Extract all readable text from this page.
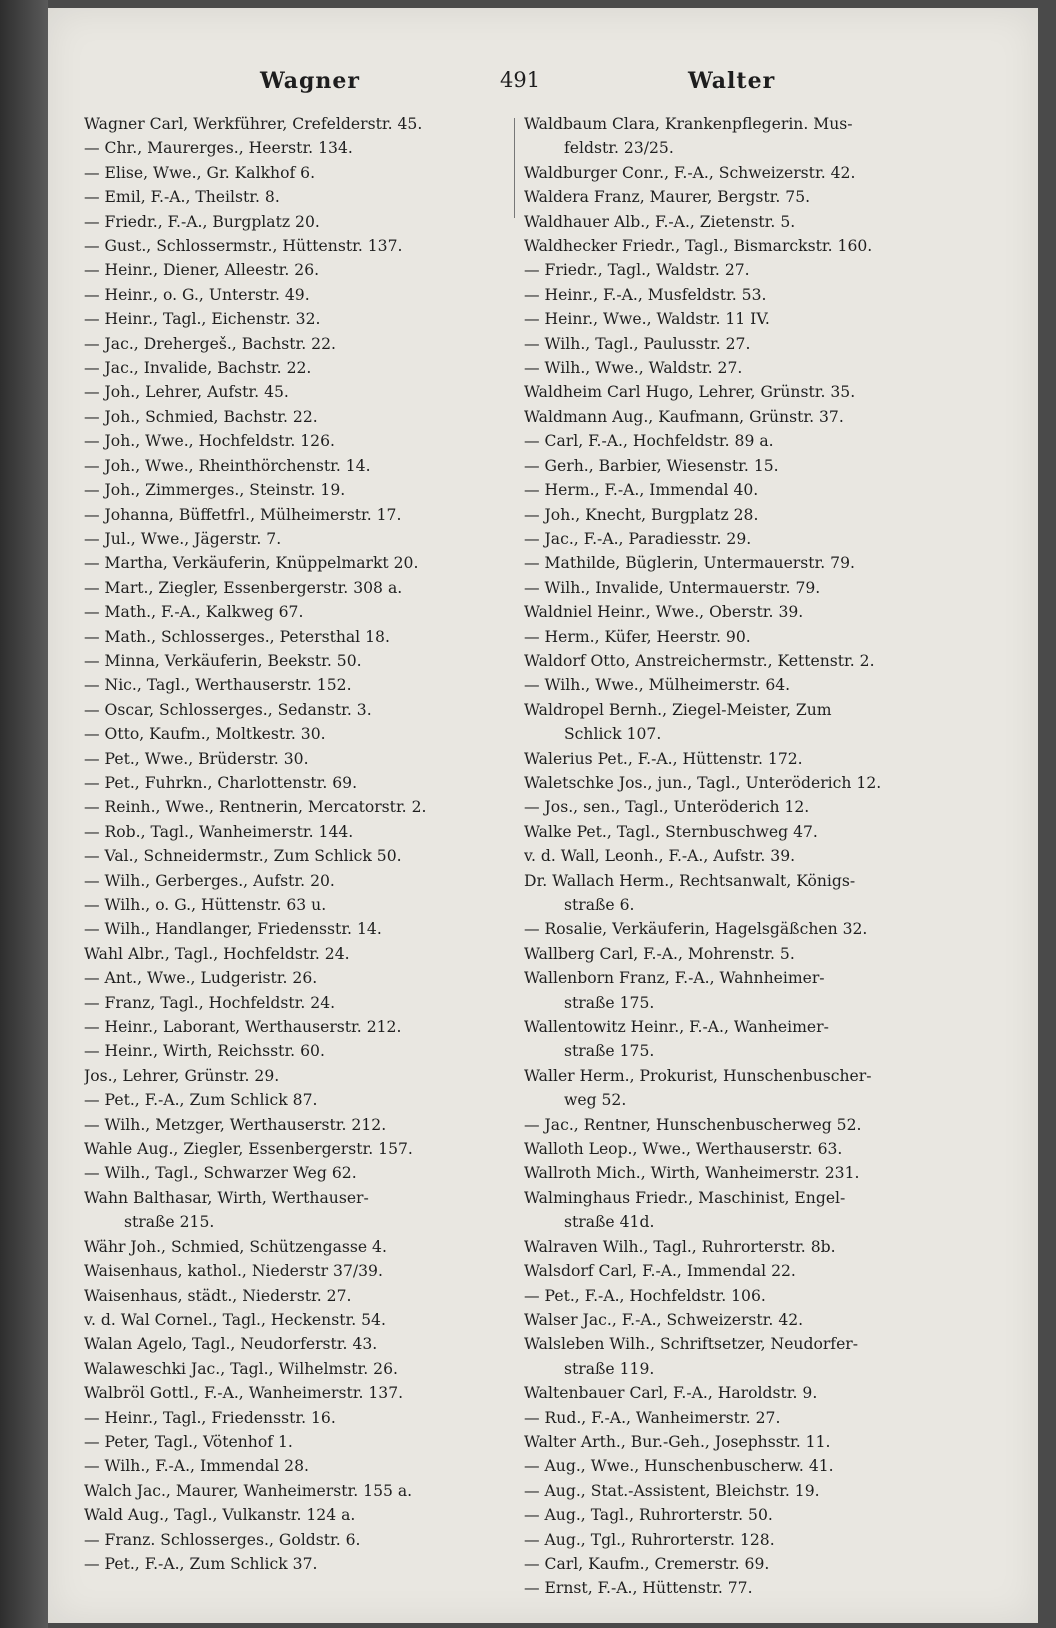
Wagner	491	Walter
Wagner Carl, Werkführer, Crefelderstr. 45.
— Chr., Maurerges., Heerstr. 134.
— Elise, Wwe., Gr. Kalkhof 6.
— Emil, F.-A., Theilstr. 8.
— Friedr., F.-A., Burgplatz 20.
— Gust., Schlossermstr., Hüttenstr. 137.
— Heinr., Diener, Alleestr. 26.
— Heinr., o. G., Unterstr. 49.
— Heinr., Tagl., Eichenstr. 32.
— Jac., Drehergeš., Bachstr. 22.
— Jac., Invalide, Bachstr. 22.
— Joh., Lehrer, Aufstr. 45.
— Joh., Schmied, Bachstr. 22.
— Joh., Wwe., Hochfeldstr. 126.
— Joh., Wwe., Rheinthörchenstr. 14.
— Joh., Zimmerges., Steinstr. 19.
— Johanna, Büffetfrl., Mülheimerstr. 17.
— Jul., Wwe., Jägerstr. 7.
— Martha, Verkäuferin, Knüppelmarkt 20.
— Mart., Ziegler, Essenbergerstr. 308 a.
— Math., F.-A., Kalkweg 67.
— Math., Schlosserges., Petersthal 18.
— Minna, Verkäuferin, Beekstr. 50.
— Nic., Tagl., Werthauserstr. 152.
— Oscar, Schlosserges., Sedanstr. 3.
— Otto, Kaufm., Moltkestr. 30.
— Pet., Wwe., Brüderstr. 30.
— Pet., Fuhrkn., Charlottenstr. 69.
— Reinh., Wwe., Rentnerin, Mercatorstr. 2.
— Rob., Tagl., Wanheimerstr. 144.
— Val., Schneidermstr., Zum Schlick 50.
— Wilh., Gerberges., Aufstr. 20.
— Wilh., o. G., Hüttenstr. 63 u.
— Wilh., Handlanger, Friedensstr. 14.
Wahl Albr., Tagl., Hochfeldstr. 24.
— Ant., Wwe., Ludgeristr. 26.
— Franz, Tagl., Hochfeldstr. 24.
— Heinr., Laborant, Werthauserstr. 212.
— Heinr., Wirth, Reichsstr. 60.
Jos., Lehrer, Grünstr. 29.
— Pet., F.-A., Zum Schlick 87.
— Wilh., Metzger, Werthauserstr. 212.
Wahle Aug., Ziegler, Essenbergerstr. 157.
— Wilh., Tagl., Schwarzer Weg 62.
Wahn Balthasar, Wirth, Werthauser-
straße 215.
Währ Joh., Schmied, Schützengasse 4.
Waisenhaus, kathol., Niederstr 37/39.
Waisenhaus, städt., Niederstr. 27.
v. d. Wal Cornel., Tagl., Heckenstr. 54.
Walan Agelo, Tagl., Neudorferstr. 43.
Walaweschki Jac., Tagl., Wilhelmstr. 26.
Walbröl Gottl., F.-A., Wanheimerstr. 137.
— Heinr., Tagl., Friedensstr. 16.
— Peter, Tagl., Vötenhof 1.
— Wilh., F.-A., Immendal 28.
Walch Jac., Maurer, Wanheimerstr. 155 a.
Wald Aug., Tagl., Vulkanstr. 124 a.
— Franz. Schlosserges., Goldstr. 6.
— Pet., F.-A., Zum Schlick 37.
Waldbaum Clara, Krankenpflegerin. Mus-
feldstr. 23/25.
Waldburger Conr., F.-A., Schweizerstr. 42.
Waldera Franz, Maurer, Bergstr. 75.
Waldhauer Alb., F.-A., Zietenstr. 5.
Waldhecker Friedr., Tagl., Bismarckstr. 160.
— Friedr., Tagl., Waldstr. 27.
— Heinr., F.-A., Musfeldstr. 53.
— Heinr., Wwe., Waldstr. 11 IV.
— Wilh., Tagl., Paulusstr. 27.
— Wilh., Wwe., Waldstr. 27.
Waldheim Carl Hugo, Lehrer, Grünstr. 35.
Waldmann Aug., Kaufmann, Grünstr. 37.
— Carl, F.-A., Hochfeldstr. 89 a.
— Gerh., Barbier, Wiesenstr. 15.
— Herm., F.-A., Immendal 40.
— Joh., Knecht, Burgplatz 28.
— Jac., F.-A., Paradiesstr. 29.
— Mathilde, Büglerin, Untermauerstr. 79.
— Wilh., Invalide, Untermauerstr. 79.
Waldniel Heinr., Wwe., Oberstr. 39.
— Herm., Küfer, Heerstr. 90.
Waldorf Otto, Anstreichermstr., Kettenstr. 2.
— Wilh., Wwe., Mülheimerstr. 64.
Waldropel Bernh., Ziegel-Meister, Zum
Schlick 107.
Walerius Pet., F.-A., Hüttenstr. 172.
Waletschke Jos., jun., Tagl., Unteröderich 12.
— Jos., sen., Tagl., Unteröderich 12.
Walke Pet., Tagl., Sternbuschweg 47.
v. d. Wall, Leonh., F.-A., Aufstr. 39.
Dr. Wallach Herm., Rechtsanwalt, Königs-
straße 6.
— Rosalie, Verkäuferin, Hagelsgäßchen 32.
Wallberg Carl, F.-A., Mohrenstr. 5.
Wallenborn Franz, F.-A., Wahnheimer-
straße 175.
Wallentowitz Heinr., F.-A., Wanheimer-
straße 175.
Waller Herm., Prokurist, Hunschenbuscher-
weg 52.
— Jac., Rentner, Hunschenbuscherweg 52.
Walloth Leop., Wwe., Werthauserstr. 63.
Wallroth Mich., Wirth, Wanheimerstr. 231.
Walminghaus Friedr., Maschinist, Engel-
straße 41d.
Walraven Wilh., Tagl., Ruhrorterstr. 8b.
Walsdorf Carl, F.-A., Immendal 22.
— Pet., F.-A., Hochfeldstr. 106.
Walser Jac., F.-A., Schweizerstr. 42.
Walsleben Wilh., Schriftsetzer, Neudorfer-
straße 119.
Waltenbauer Carl, F.-A., Haroldstr. 9.
— Rud., F.-A., Wanheimerstr. 27.
Walter Arth., Bur.-Geh., Josephsstr. 11.
— Aug., Wwe., Hunschenbuscherw. 41.
— Aug., Stat.-Assistent, Bleichstr. 19.
— Aug., Tagl., Ruhrorterstr. 50.
— Aug., Tgl., Ruhrorterstr. 128.
— Carl, Kaufm., Cremerstr. 69.
— Ernst, F.-A., Hüttenstr. 77.
